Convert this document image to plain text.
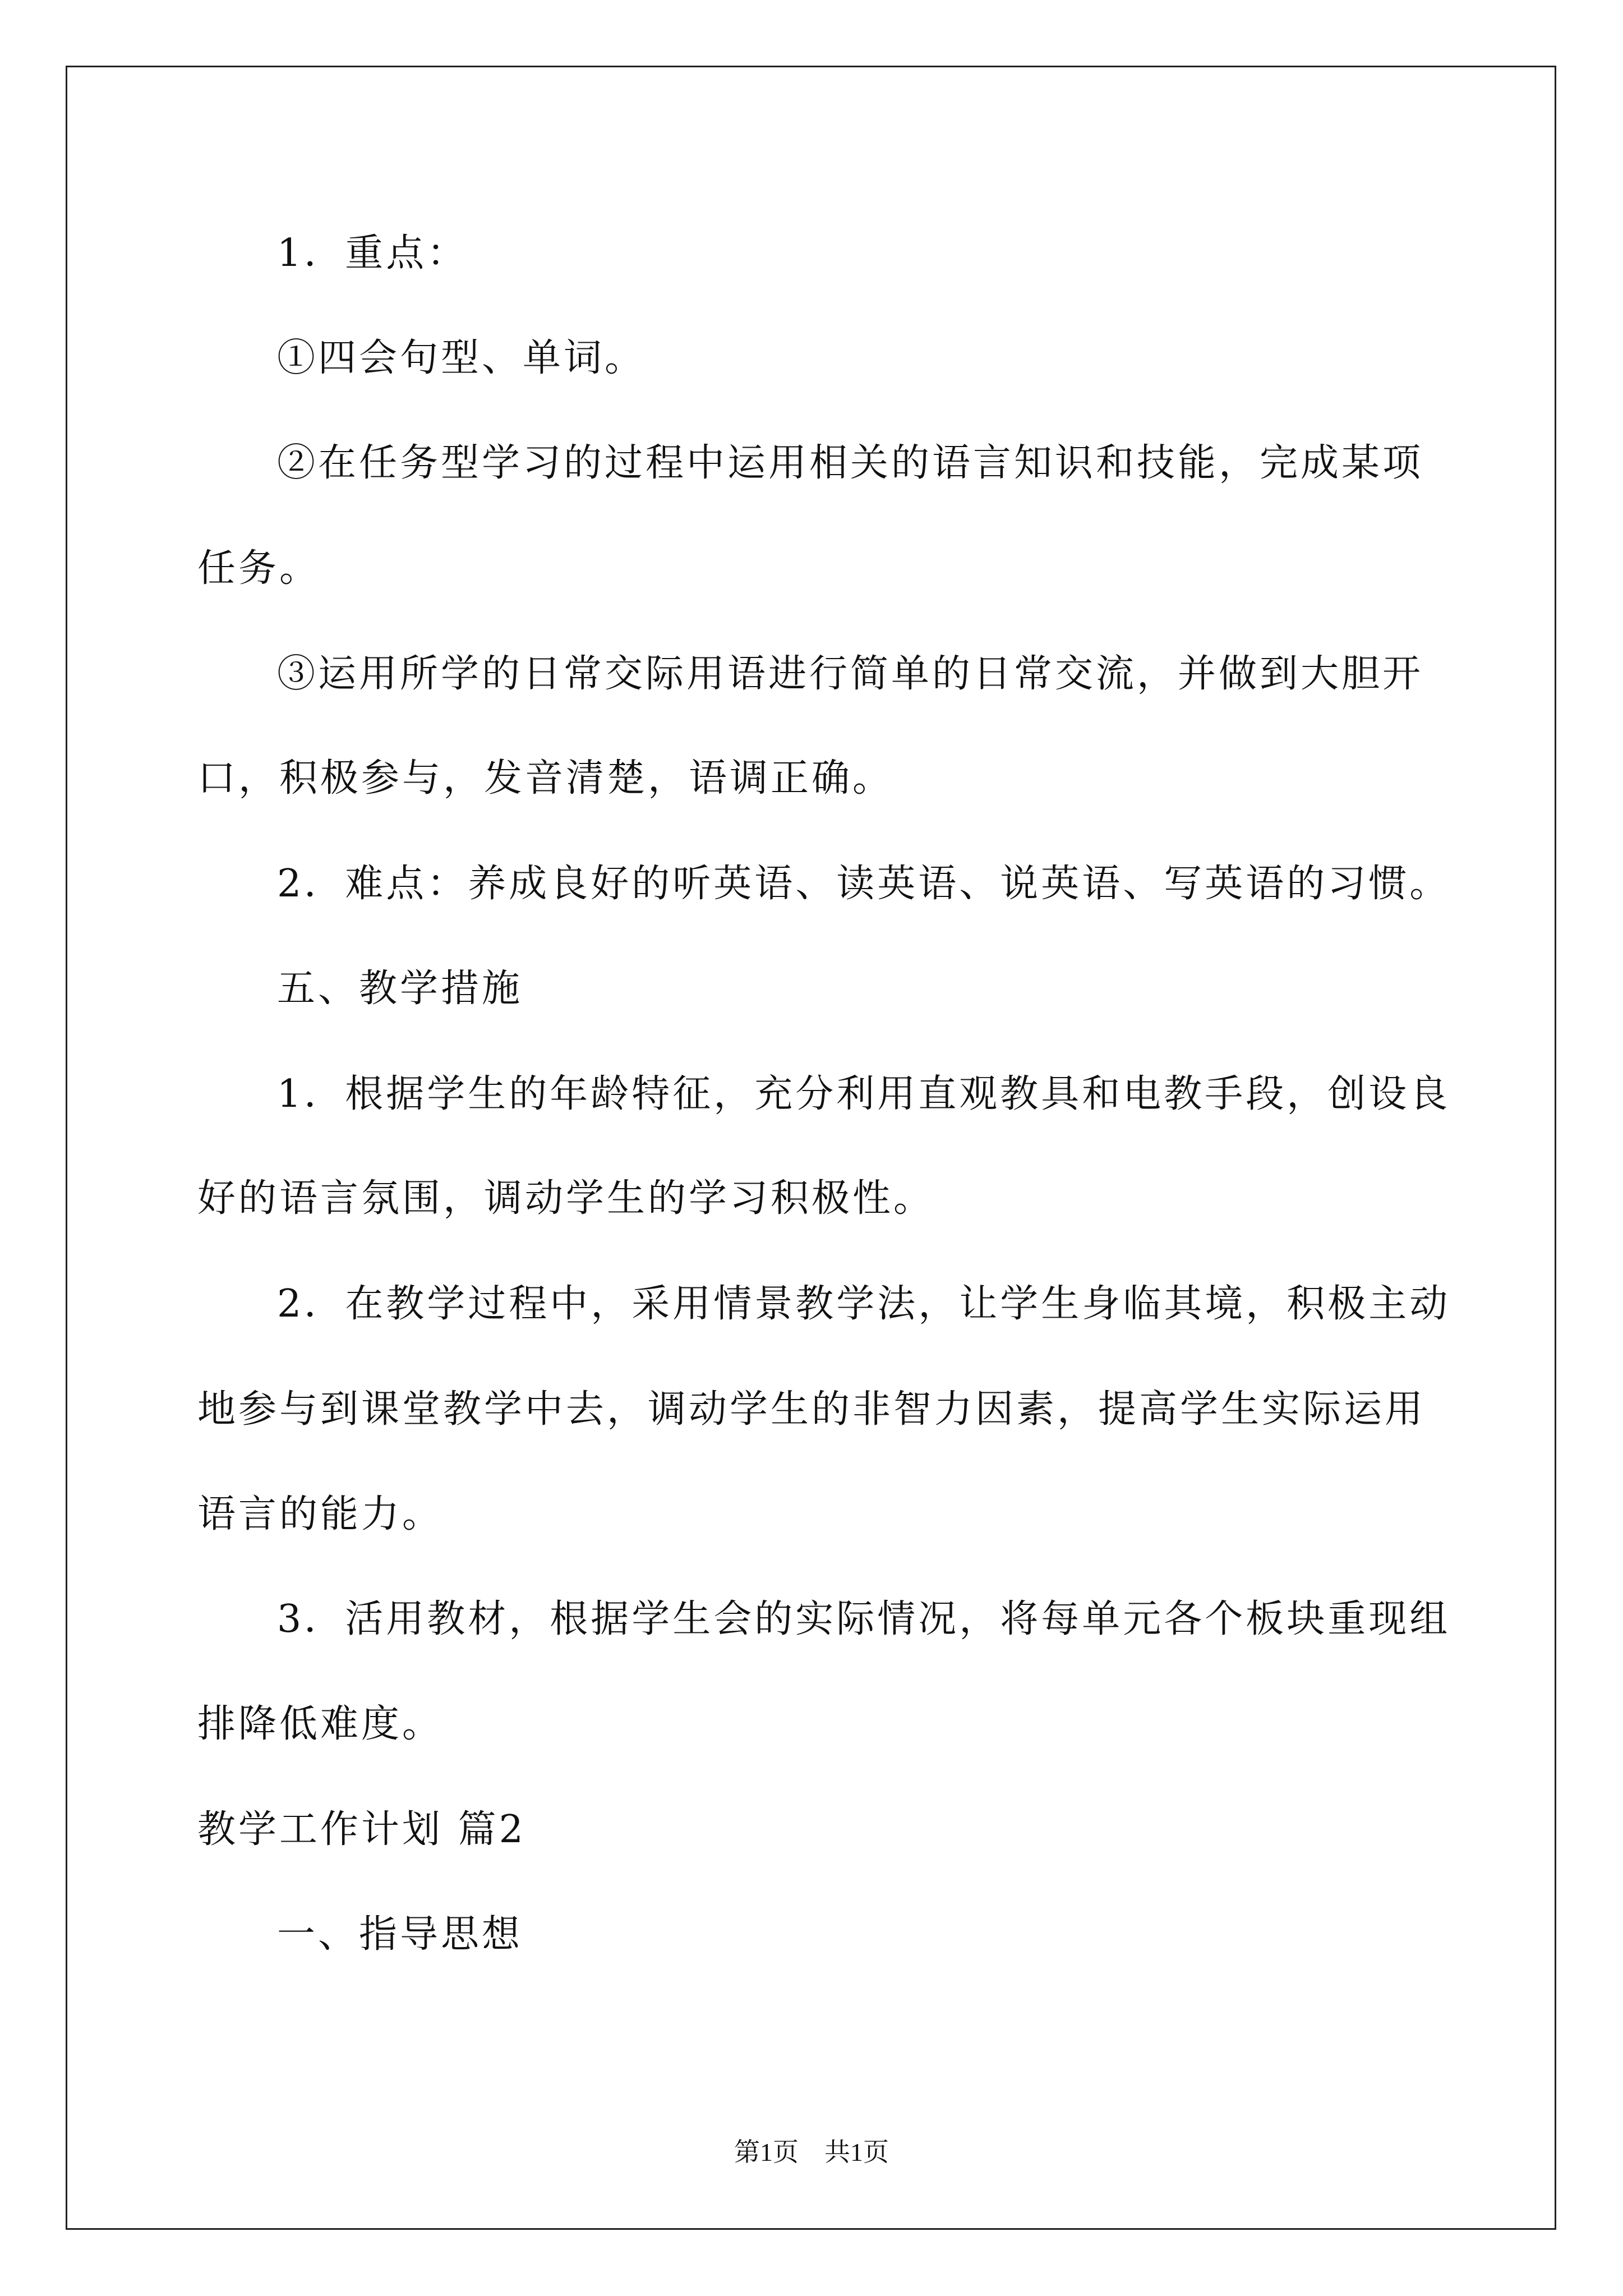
1．重点：
①四会句型、单词。
②在任务型学习的过程中运用相关的语言知识和技能，完成某项
任务。
③运用所学的日常交际用语进行简单的日常交流，并做到大胆开
口，积极参与，发音清楚，语调正确。
2．难点：养成良好的听英语、读英语、说英语、写英语的习惯。
五、教学措施
1．根据学生的年龄特征，充分利用直观教具和电教手段，创设良
好的语言氛围，调动学生的学习积极性。
2．在教学过程中，采用情景教学法，让学生身临其境，积极主动
地参与到课堂教学中去，调动学生的非智力因素，提高学生实际运用
语言的能力。
3．活用教材，根据学生会的实际情况，将每单元各个板块重现组
排降低难度。
教学工作计划 篇2
一、指导思想
第1页　共1页
